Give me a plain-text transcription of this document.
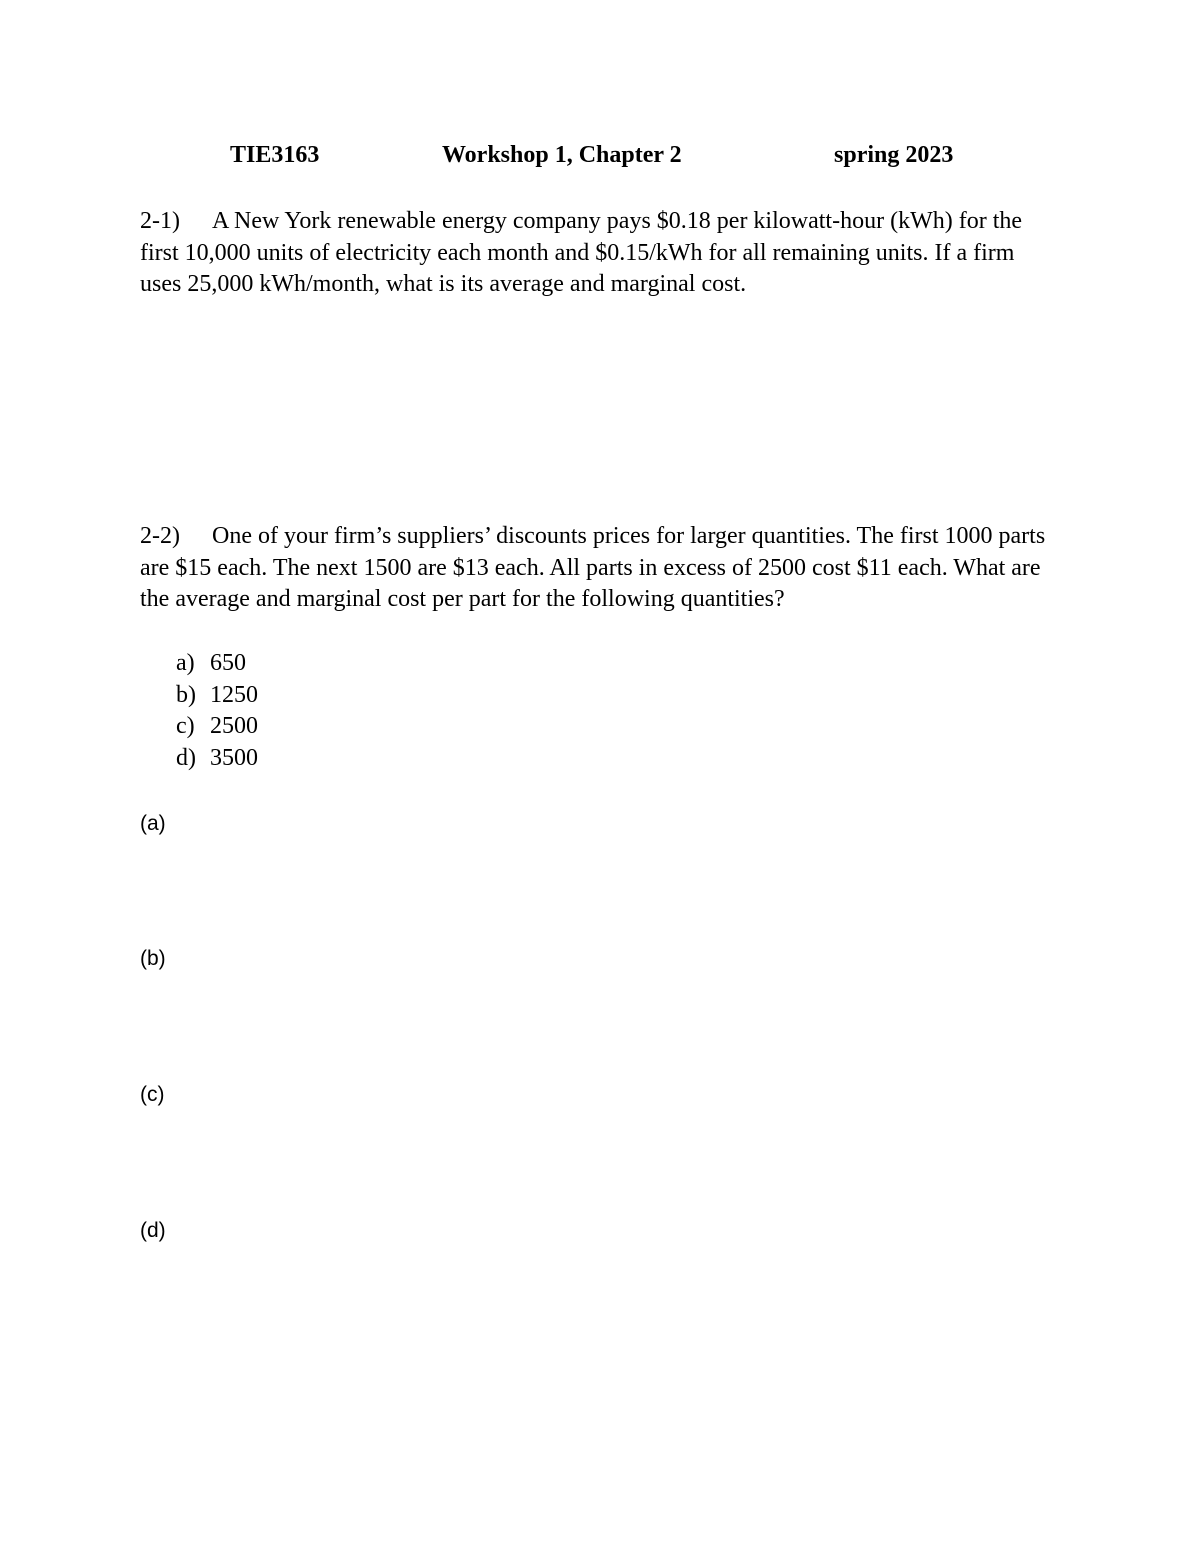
TIE3163	Workshop 1, Chapter 2	spring 2023
2-1) A New York renewable energy company pays $0.18 per kilowatt-hour (kWh) for the first 10,000 units of electricity each month and $0.15/kWh for all remaining units. If a firm uses 25,000 kWh/month, what is its average and marginal cost.
2-2) One of your firm’s suppliers’ discounts prices for larger quantities. The first 1000 parts are $15 each. The next 1500 are $13 each. All parts in excess of 2500 cost $11 each. What are the average and marginal cost per part for the following quantities?
a) 650
b) 1250
c) 2500
d) 3500
(a)
(b)
(c)
(d)
